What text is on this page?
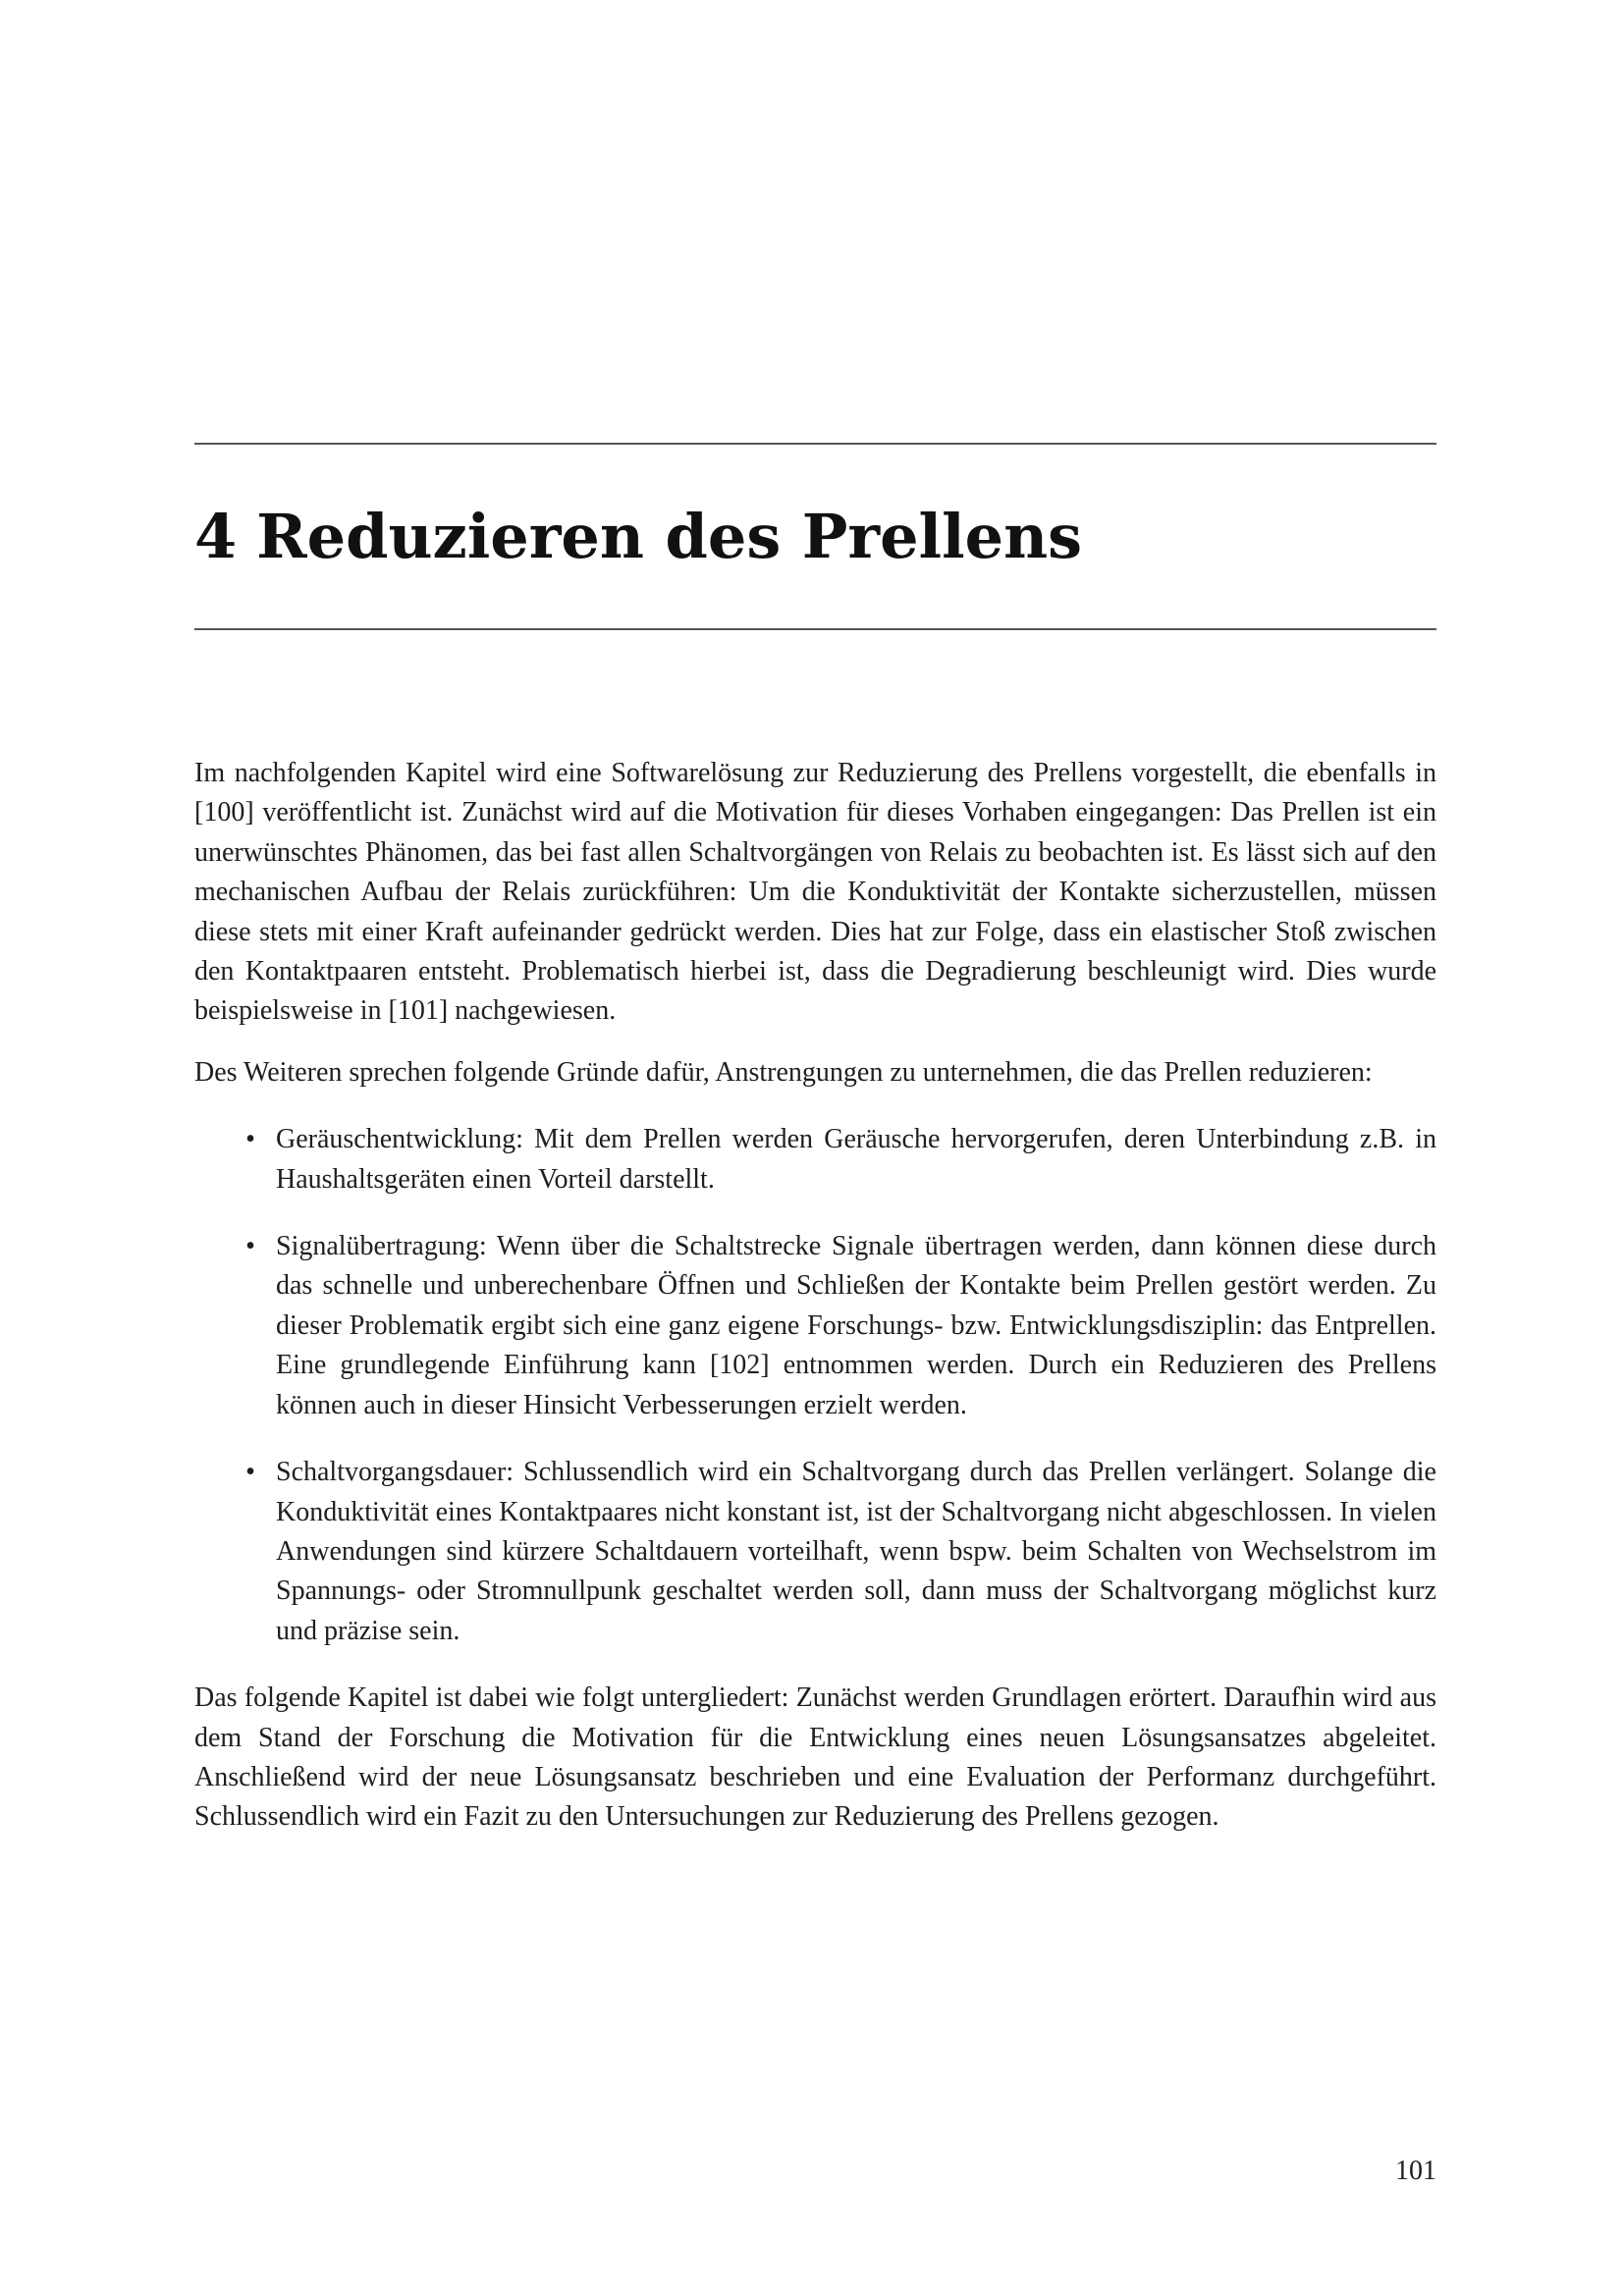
4 Reduzieren des Prellens

Im nachfolgenden Kapitel wird eine Softwarelösung zur Reduzierung des Prellens vorgestellt, die ebenfalls in [100] veröffentlicht ist. Zunächst wird auf die Motivation für dieses Vorhaben eingegangen: Das Prellen ist ein unerwünschtes Phänomen, das bei fast allen Schaltvorgängen von Relais zu beobachten ist. Es lässt sich auf den mechanischen Aufbau der Relais zurückführen: Um die Konduktivität der Kontakte sicherzustellen, müssen diese stets mit einer Kraft aufeinander gedrückt werden. Dies hat zur Folge, dass ein elastischer Stoß zwischen den Kontaktpaaren entsteht. Problematisch hierbei ist, dass die Degradierung beschleunigt wird. Dies wurde beispielsweise in [101] nachgewiesen.

Des Weiteren sprechen folgende Gründe dafür, Anstrengungen zu unternehmen, die das Prellen reduzieren:

• Geräuschentwicklung: Mit dem Prellen werden Geräusche hervorgerufen, deren Unterbindung z.B. in Haushaltsgeräten einen Vorteil darstellt.
• Signalübertragung: Wenn über die Schaltstrecke Signale übertragen werden, dann können diese durch das schnelle und unberechenbare Öffnen und Schließen der Kontakte beim Prellen gestört werden. Zu dieser Problematik ergibt sich eine ganz eigene Forschungs- bzw. Entwicklungsdisziplin: das Entprellen. Eine grundlegende Einführung kann [102] entnommen werden. Durch ein Reduzieren des Prellens können auch in dieser Hinsicht Verbesserungen erzielt werden.
• Schaltvorgangsdauer: Schlussendlich wird ein Schaltvorgang durch das Prellen verlängert. Solange die Konduktivität eines Kontaktpaares nicht konstant ist, ist der Schaltvorgang nicht abgeschlossen. In vielen Anwendungen sind kürzere Schaltdauern vorteilhaft, wenn bspw. beim Schalten von Wechselstrom im Spannungs- oder Stromnullpunk geschaltet werden soll, dann muss der Schaltvorgang möglichst kurz und präzise sein.

Das folgende Kapitel ist dabei wie folgt untergliedert: Zunächst werden Grundlagen erörtert. Daraufhin wird aus dem Stand der Forschung die Motivation für die Entwicklung eines neuen Lösungsansatzes abgeleitet. Anschließend wird der neue Lösungsansatz beschrieben und eine Evaluation der Performanz durchgeführt. Schlussendlich wird ein Fazit zu den Untersuchungen zur Reduzierung des Prellens gezogen.

101
